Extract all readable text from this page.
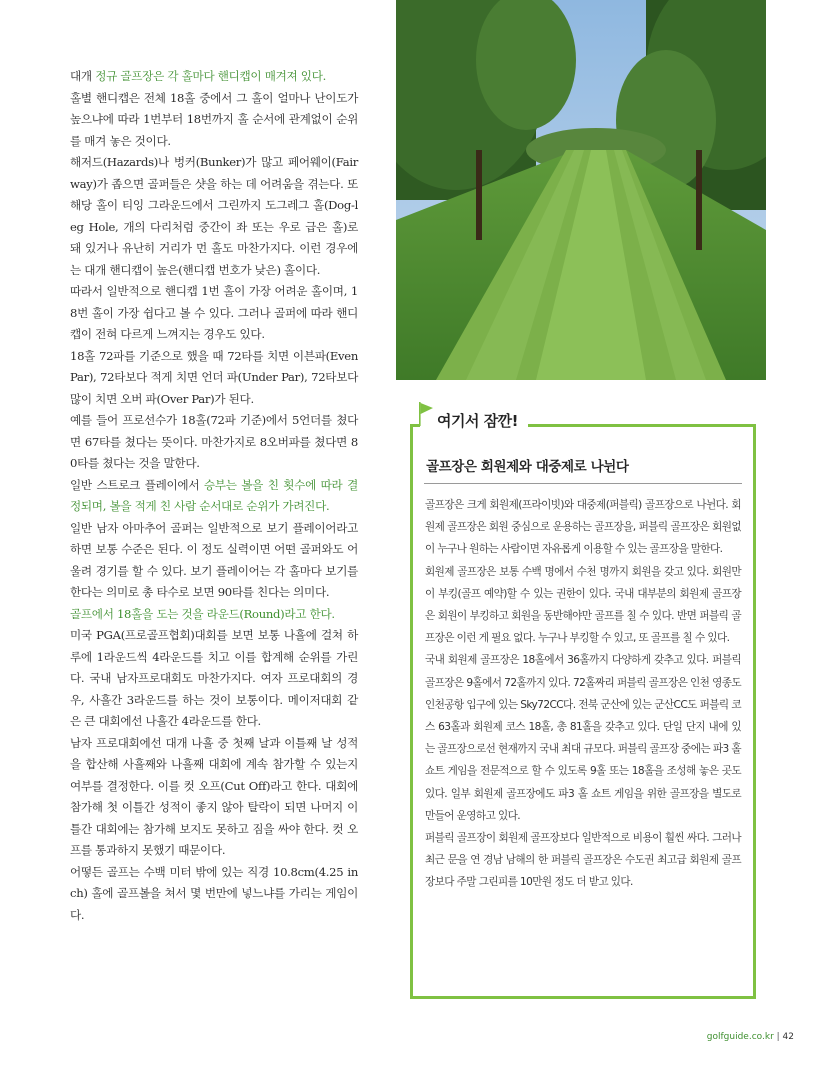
대개 정규 골프장은 각 홀마다 핸디캡이 매겨져 있다.

홀별 핸디캡은 전체 18홀 중에서 그 홀이 얼마나 난이도가 높으냐에 따라 1번부터 18번까지 홀 순서에 관계없이 순위를 매겨 놓은 것이다.

해저드(Hazards)나 벙커(Bunker)가 많고 페어웨이(Fairway)가 좁으면 골퍼들은 샷을 하는 데 어려움을 겪는다. 또 해당 홀이 티잉 그라운드에서 그린까지 도그레그 홀(Dog-leg Hole, 개의 다리처럼 중간이 좌 또는 우로 급은 홀)로 돼 있거나 유난히 거리가 먼 홀도 마찬가지다. 이런 경우에는 대개 핸디캡이 높은(핸디캡 번호가 낮은) 홀이다.

따라서 일반적으로 핸디캡 1번 홀이 가장 어려운 홀이며, 18번 홀이 가장 쉽다고 볼 수 있다. 그러나 골퍼에 따라 핸디캡이 전혀 다르게 느껴지는 경우도 있다.

18홀 72파를 기준으로 했을 때 72타를 치면 이븐파(Even Par), 72타보다 적게 치면 언더 파(Under Par), 72타보다 많이 치면 오버 파(Over Par)가 된다.

예를 들어 프로선수가 18홀(72파 기준)에서 5언더를 쳤다면 67타를 쳤다는 뜻이다. 마찬가지로 8오버파를 쳤다면 80타를 쳤다는 것을 말한다.

일반 스트로크 플레이에서 승부는 볼을 친 횟수에 따라 결정되며, 볼을 적게 친 사람 순서대로 순위가 가려진다.

일반 남자 아마추어 골퍼는 일반적으로 보기 플레이어라고 하면 보통 수준은 된다. 이 정도 실력이면 어떤 골퍼와도 어울려 경기를 할 수 있다. 보기 플레이어는 각 홀마다 보기를 한다는 의미로 총 타수로 보면 90타를 친다는 의미다.

골프에서 18홀을 도는 것을 라운드(Round)라고 한다.

미국 PGA(프로골프협회)대회를 보면 보통 나흘에 걸쳐 하루에 1라운드씩 4라운드를 치고 이를 합계해 순위를 가린다. 국내 남자프로대회도 마찬가지다. 여자 프로대회의 경우, 사흘간 3라운드를 하는 것이 보통이다. 메이저대회 같은 큰 대회에선 나흘간 4라운드를 한다.

남자 프로대회에선 대개 나흘 중 첫째 날과 이틀째 날 성적을 합산해 사흘째와 나흘째 대회에 계속 참가할 수 있는지 여부를 결정한다. 이를 컷 오프(Cut Off)라고 한다. 대회에 참가해 첫 이틀간 성적이 좋지 않아 탈락이 되면 나머지 이틀간 대회에는 참가해 보지도 못하고 짐을 싸야 한다. 컷 오프를 통과하지 못했기 때문이다.

어떻든 골프는 수백 미터 밖에 있는 직경 10.8cm(4.25 inch) 홀에 골프볼을 쳐서 몇 번만에 넣느냐를 가리는 게임이다.

여기서 잠깐!
골프장은 회원제와 대중제로 나뉜다

골프장은 크게 회원제(프라이빗)와 대중제(퍼블릭) 골프장으로 나뉜다. 회원제 골프장은 회원 중심으로 운용하는 골프장을, 퍼블릭 골프장은 회원없이 누구나 원하는 사람이면 자유롭게 이용할 수 있는 골프장을 말한다.

회원제 골프장은 보통 수백 명에서 수천 명까지 회원을 갖고 있다. 회원만이 부킹(골프 예약)할 수 있는 권한이 있다. 국내 대부분의 회원제 골프장은 회원이 부킹하고 회원을 동반해야만 골프를 칠 수 있다. 반면 퍼블릭 골프장은 이런 게 필요 없다. 누구나 부킹할 수 있고, 또 골프를 칠 수 있다.

국내 회원제 골프장은 18홀에서 36홀까지 다양하게 갖추고 있다. 퍼블릭 골프장은 9홀에서 72홀까지 있다. 72홀짜리 퍼블릭 골프장은 인천 영종도 인천공항 입구에 있는 Sky72CC다. 전북 군산에 있는 군산CC도 퍼블릭 코스 63홀과 회원제 코스 18홀, 총 81홀을 갖추고 있다. 단일 단지 내에 있는 골프장으로선 현재까지 국내 최대 규모다. 퍼블릭 골프장 중에는 파3 홀 쇼트 게임을 전문적으로 할 수 있도록 9홀 또는 18홀을 조성해 놓은 곳도 있다. 일부 회원제 골프장에도 파3 홀 쇼트 게임을 위한 골프장을 별도로 만들어 운영하고 있다.

퍼블릭 골프장이 회원제 골프장보다 일반적으로 비용이 훨씬 싸다. 그러나 최근 문을 연 경남 남해의 한 퍼블릭 골프장은 수도권 최고급 회원제 골프장보다 주말 그린피를 10만원 정도 더 받고 있다.

golfguide.co.kr | 42
